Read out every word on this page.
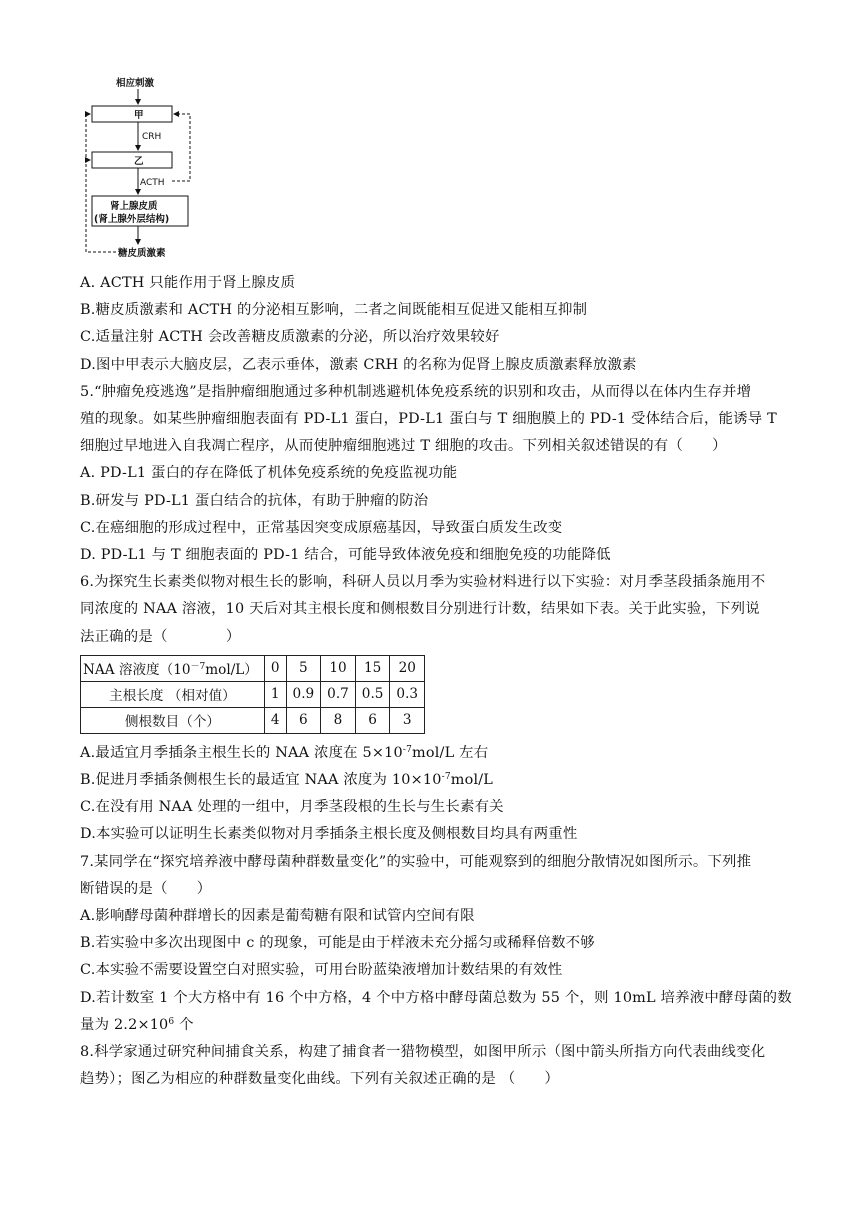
相应刺激
甲
CRH
乙
ACTH
肾上腺皮质
(肾上腺外层结构)
糖皮质激素
A. ACTH 只能作用于肾上腺皮质
B.糖皮质激素和 ACTH 的分泌相互影响，二者之间既能相互促进又能相互抑制
C.适量注射 ACTH 会改善糖皮质激素的分泌，所以治疗效果较好
D.图中甲表示大脑皮层，乙表示垂体，激素 CRH 的名称为促肾上腺皮质激素释放激素
5.“肿瘤免疫逃逸”是指肿瘤细胞通过多种机制逃避机体免疫系统的识别和攻击，从而得以在体内生存并增
殖的现象。如某些肿瘤细胞表面有 PD-L1 蛋白，PD-L1 蛋白与 T 细胞膜上的 PD-1 受体结合后，能诱导 T
细胞过早地进入自我凋亡程序，从而使肿瘤细胞逃过 T 细胞的攻击。下列相关叙述错误的有（　　）
A. PD-L1 蛋白的存在降低了机体免疫系统的免疫监视功能
B.研发与 PD-L1 蛋白结合的抗体，有助于肿瘤的防治
C.在癌细胞的形成过程中，正常基因突变成原癌基因，导致蛋白质发生改变
D. PD-L1 与 T 细胞表面的 PD-1 结合，可能导致体液免疫和细胞免疫的功能降低
6.为探究生长素类似物对根生长的影响，科研人员以月季为实验材料进行以下实验：对月季茎段插条施用不
同浓度的 NAA 溶液，10 天后对其主根长度和侧根数目分别进行计数，结果如下表。关于此实验，下列说
法正确的是（　　　　）
NAA 溶液度$(10^{-7}mol/L)$	0	5	10	15	20
主根长度 （相对值）	1	0.9	0.7	0.5	0.3
侧根数目（个）	4	6	8	6	3
A.最适宜月季插条主根生长的 NAA 浓度在 $5\times 10^{-7}mol/L$ 左右
B.促进月季插条侧根生长的最适宜 NAA 浓度为 $10\times 10^{-7}mol/L$
C.在没有用 NAA 处理的一组中，月季茎段根的生长与生长素有关
D.本实验可以证明生长素类似物对月季插条主根长度及侧根数目均具有两重性
7.某同学在“探究培养液中酵母菌种群数量变化”的实验中，可能观察到的细胞分散情况如图所示。下列推
断错误的是（　　）
A.影响酵母菌种群增长的因素是葡萄糖有限和试管内空间有限
B.若实验中多次出现图中 c 的现象，可能是由于样液未充分摇匀或稀释倍数不够
C.本实验不需要设置空白对照实验，可用台盼蓝染液增加计数结果的有效性
D.若计数室 1 个大方格中有 16 个中方格，4 个中方格中酵母菌总数为 55 个，则 10mL 培养液中酵母菌的数
量为 $2.2\times 10^6$ 个
8.科学家通过研究种间捕食关系，构建了捕食者一猎物模型，如图甲所示（图中箭头所指方向代表曲线变化
趋势）；图乙为相应的种群数量变化曲线。下列有关叙述正确的是 （　　）
